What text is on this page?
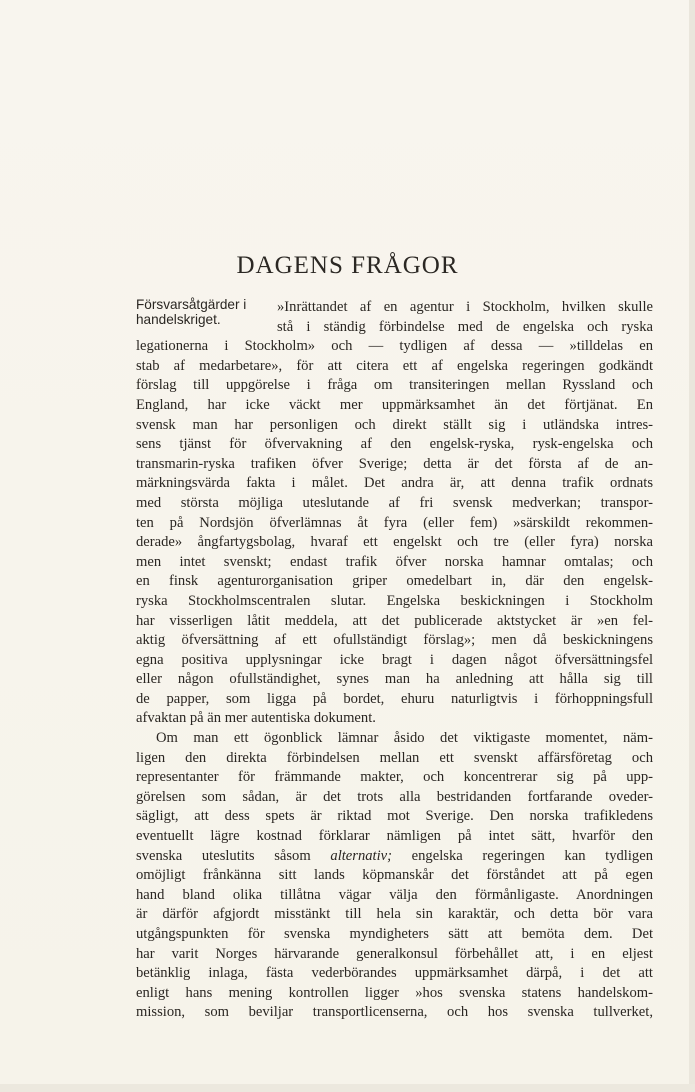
DAGENS FRÅGOR
Försvarsåtgärder i handelskriget.

»Inrättandet af en agentur i Stockholm, hvilken skulle
stå i ständig förbindelse med de engelska och ryska
legationerna i Stockholm» och — tydligen af dessa — »tilldelas en
stab af medarbetare», för att citera ett af engelska regeringen godkändt
förslag till uppgörelse i fråga om transiteringen mellan Ryssland och
England, har icke väckt mer uppmärksamhet än det förtjänat. En
svensk man har personligen och direkt ställt sig i utländska intres-
sens tjänst för öfvervakning af den engelsk-ryska, rysk-engelska och
transmarin-ryska trafiken öfver Sverige; detta är det första af de an-
märkningsvärda fakta i målet. Det andra är, att denna trafik ordnats
med största möjliga uteslutande af fri svensk medverkan; transpor-
ten på Nordsjön öfverlämnas åt fyra (eller fem) »särskildt rekommen-
derade» ångfartygsbolag, hvaraf ett engelskt och tre (eller fyra) norska
men intet svenskt; endast trafik öfver norska hamnar omtalas; och
en finsk agenturorganisation griper omedelbart in, där den engelsk-
ryska Stockholmscentralen slutar. Engelska beskickningen i Stockholm
har visserligen låtit meddela, att det publicerade aktstycket är »en fel-
aktig öfversättning af ett ofullständigt förslag»; men då beskickningens
egna positiva upplysningar icke bragt i dagen något öfversättningsfel
eller någon ofullständighet, synes man ha anledning att hålla sig till
de papper, som ligga på bordet, ehuru naturligtvis i förhoppningsfull
afvaktan på än mer autentiska dokument.

Om man ett ögonblick lämnar åsido det viktigaste momentet, näm-
ligen den direkta förbindelsen mellan ett svenskt affärsföretag och
representanter för främmande makter, och koncentrerar sig på upp-
görelsen som sådan, är det trots alla bestridanden fortfarande oveder-
sägligt, att dess spets är riktad mot Sverige. Den norska trafikledens
eventuellt lägre kostnad förklarar nämligen på intet sätt, hvarför den
svenska uteslutits såsom alternativ; engelska regeringen kan tydligen
omöjligt frånkänna sitt lands köpmanskår det förståndet att på egen
hand bland olika tillåtna vägar välja den förmånligaste. Anordningen
är därför afgjordt misstänkt till hela sin karaktär, och detta bör vara
utgångspunkten för svenska myndigheters sätt att bemöta dem. Det
har varit Norges härvarande generalkonsul förbehållet att, i en eljest
betänklig inlaga, fästa vederbörandes uppmärksamhet därpå, i det att
enligt hans mening kontrollen ligger »hos svenska statens handelskom-
mission, som beviljar transportlicenserna, och hos svenska tullverket,
